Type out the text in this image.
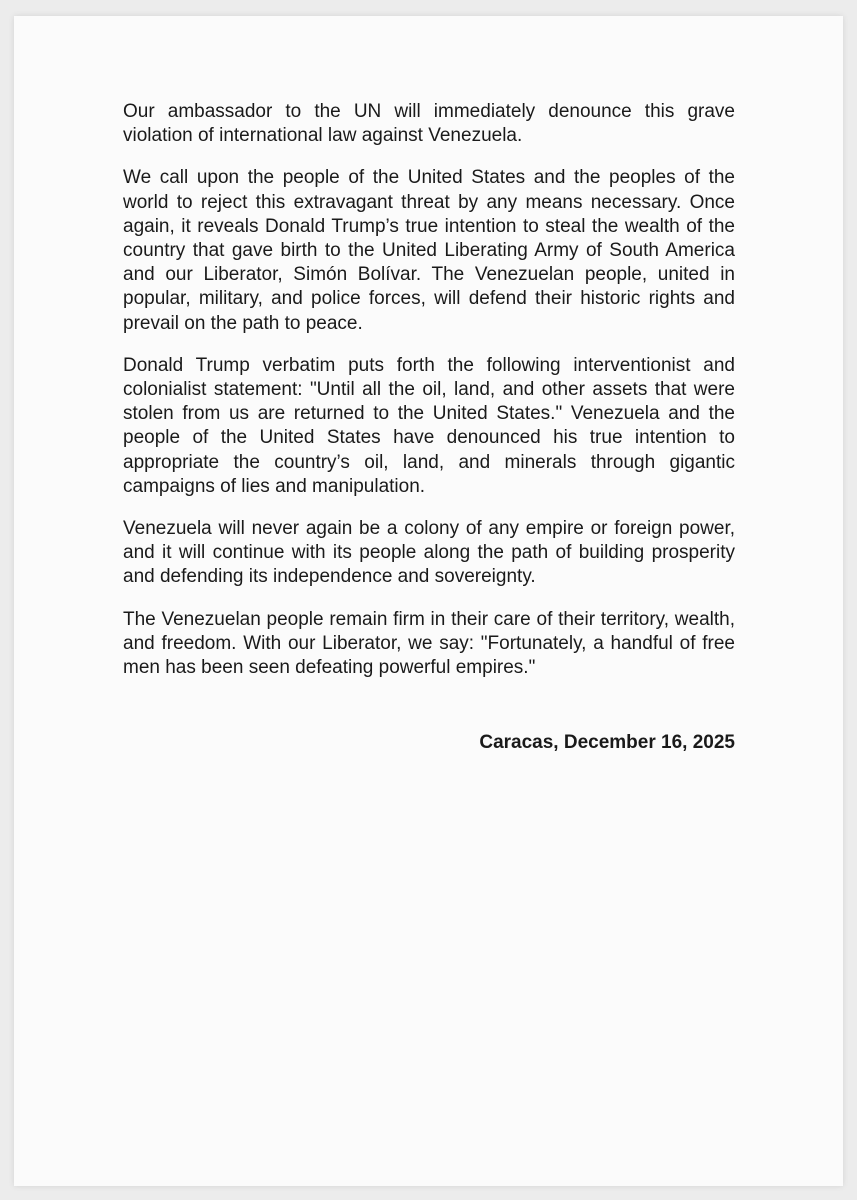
Our ambassador to the UN will immediately denounce this grave violation of international law against Venezuela.

We call upon the people of the United States and the peoples of the world to reject this extravagant threat by any means necessary. Once again, it reveals Donald Trump’s true intention to steal the wealth of the country that gave birth to the United Liberating Army of South America and our Liberator, Simón Bolívar. The Venezuelan people, united in popular, military, and police forces, will defend their historic rights and prevail on the path to peace.

Donald Trump verbatim puts forth the following interventionist and colonialist statement: "Until all the oil, land, and other assets that were stolen from us are returned to the United States." Venezuela and the people of the United States have denounced his true intention to appropriate the country’s oil, land, and minerals through gigantic campaigns of lies and manipulation.

Venezuela will never again be a colony of any empire or foreign power, and it will continue with its people along the path of building prosperity and defending its independence and sovereignty.

The Venezuelan people remain firm in their care of their territory, wealth, and freedom. With our Liberator, we say: "Fortunately, a handful of free men has been seen defeating powerful empires."

Caracas, December 16, 2025
